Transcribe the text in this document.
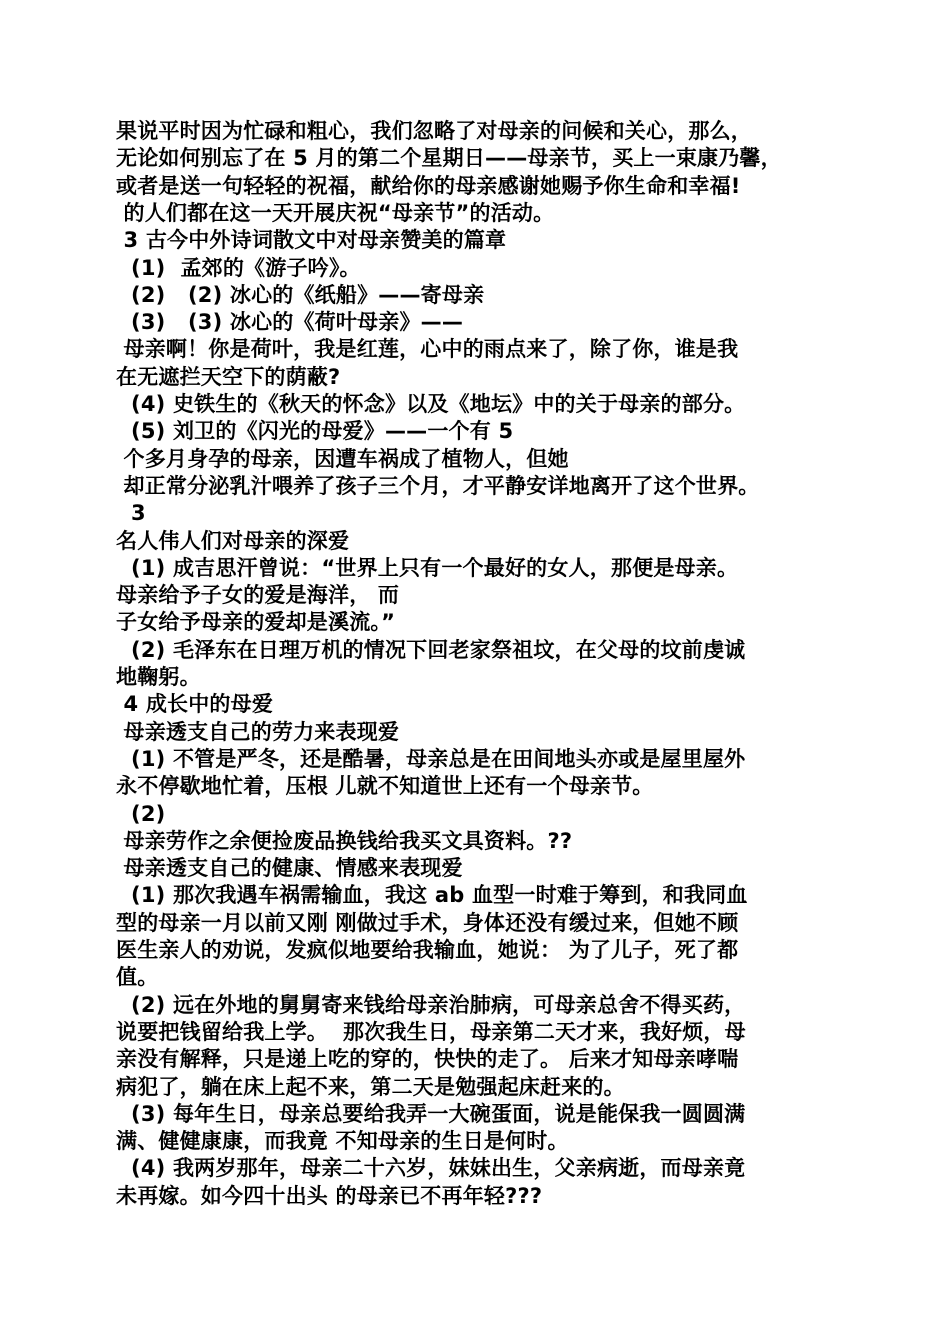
果说平时因为忙碌和粗心，我们忽略了对母亲的问候和关心，那么，
无论如何别忘了在 5 月的第二个星期日——母亲节，买上一束康乃馨，
或者是送一句轻轻的祝福，献给你的母亲感谢她赐予你生命和幸福!
的人们都在这一天开展庆祝“母亲节”的活动。
3 古今中外诗词散文中对母亲赞美的篇章
(1)  孟郊的《游子吟》。
(2)   (2) 冰心的《纸船》——寄母亲
(3)   (3) 冰心的《荷叶母亲》——
母亲啊！你是荷叶，我是红莲，心中的雨点来了，除了你，谁是我
在无遮拦天空下的荫蔽?
(4) 史铁生的《秋天的怀念》以及《地坛》中的关于母亲的部分。
(5) 刘卫的《闪光的母爱》——一个有 5
个多月身孕的母亲，因遭车祸成了植物人，但她
却正常分泌乳汁喂养了孩子三个月，才平静安详地离开了这个世界。
3
名人伟人们对母亲的深爱
(1) 成吉思汗曾说：“世界上只有一个最好的女人，那便是母亲。
母亲给予子女的爱是海洋， 而
子女给予母亲的爱却是溪流。”
(2) 毛泽东在日理万机的情况下回老家祭祖坟，在父母的坟前虔诚
地鞠躬。
4 成长中的母爱
母亲透支自己的劳力来表现爱
(1) 不管是严冬，还是酷暑，母亲总是在田间地头亦或是屋里屋外
永不停歇地忙着，压根 儿就不知道世上还有一个母亲节。
(2)
母亲劳作之余便捡废品换钱给我买文具资料。??
母亲透支自己的健康、情感来表现爱
(1) 那次我遇车祸需输血，我这 ab 血型一时难于筹到，和我同血
型的母亲一月以前又刚 刚做过手术，身体还没有缓过来，但她不顾
医生亲人的劝说，发疯似地要给我输血，她说： 为了儿子，死了都
值。
(2) 远在外地的舅舅寄来钱给母亲治肺病，可母亲总舍不得买药，
说要把钱留给我上学。  那次我生日，母亲第二天才来，我好烦，母
亲没有解释，只是递上吃的穿的，快快的走了。 后来才知母亲哮喘
病犯了，躺在床上起不来，第二天是勉强起床赶来的。
(3) 每年生日，母亲总要给我弄一大碗蛋面，说是能保我一圆圆满
满、健健康康，而我竟 不知母亲的生日是何时。
(4) 我两岁那年，母亲二十六岁，妹妹出生，父亲病逝，而母亲竟
未再嫁。如今四十出头 的母亲已不再年轻???
